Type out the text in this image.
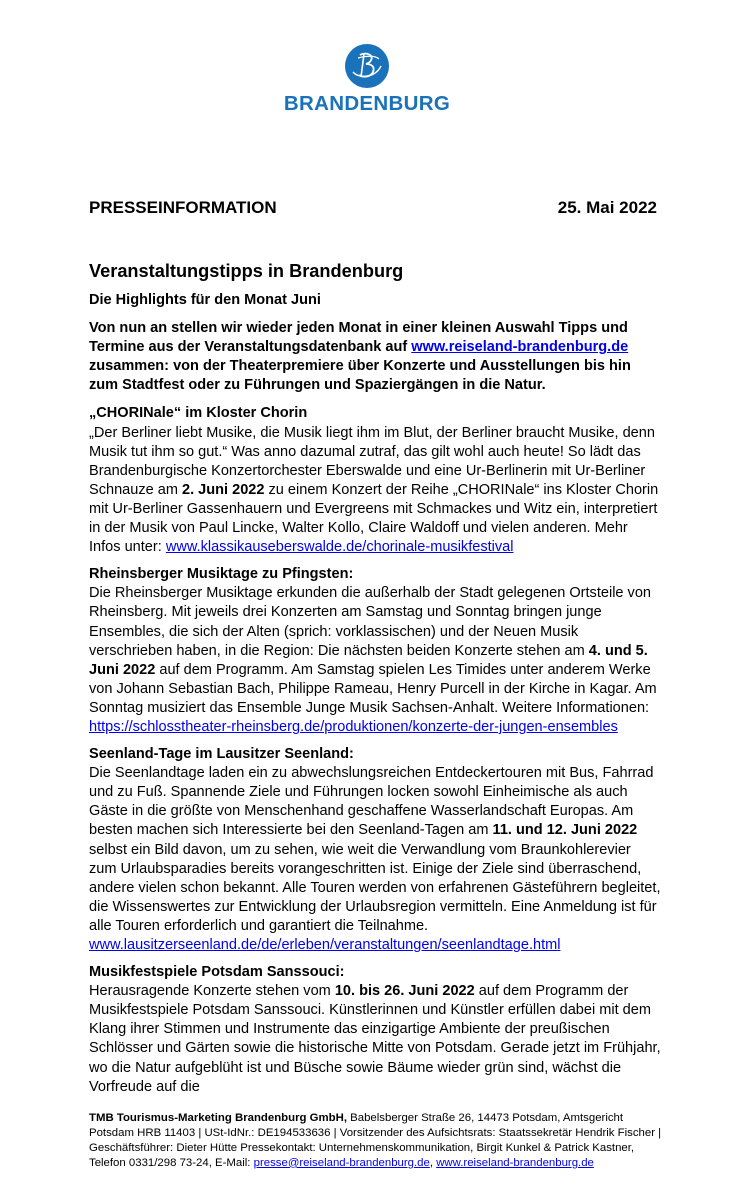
BRANDENBURG
PRESSEINFORMATION	25. Mai 2022
Veranstaltungstipps in Brandenburg
Die Highlights für den Monat Juni

Von nun an stellen wir wieder jeden Monat in einer kleinen Auswahl Tipps und Termine aus der Veranstaltungsdatenbank auf www.reiseland-brandenburg.de zusammen: von der Theaterpremiere über Konzerte und Ausstellungen bis hin zum Stadtfest oder zu Führungen und Spaziergängen in die Natur.

„CHORINale“ im Kloster Chorin

„Der Berliner liebt Musike, die Musik liegt ihm im Blut, der Berliner braucht Musike, denn Musik tut ihm so gut.“ Was anno dazumal zutraf, das gilt wohl auch heute! So lädt das Brandenburgische Konzertorchester Eberswalde und eine Ur-Berlinerin mit Ur-Berliner Schnauze am 2. Juni 2022 zu einem Konzert der Reihe „CHORINale“ ins Kloster Chorin mit Ur-Berliner Gassenhauern und Evergreens mit Schmackes und Witz ein, interpretiert in der Musik von Paul Lincke, Walter Kollo, Claire Waldoff und vielen anderen. Mehr Infos unter: www.klassikauseberswalde.de/chorinale-musikfestival

Rheinsberger Musiktage zu Pfingsten:

Die Rheinsberger Musiktage erkunden die außerhalb der Stadt gelegenen Ortsteile von Rheinsberg. Mit jeweils drei Konzerten am Samstag und Sonntag bringen junge Ensembles, die sich der Alten (sprich: vorklassischen) und der Neuen Musik verschrieben haben, in die Region: Die nächsten beiden Konzerte stehen am 4. und 5. Juni 2022 auf dem Programm. Am Samstag spielen Les Timides unter anderem Werke von Johann Sebastian Bach, Philippe Rameau, Henry Purcell in der Kirche in Kagar. Am Sonntag musiziert das Ensemble Junge Musik Sachsen-Anhalt. Weitere Informationen: https://schlosstheater-rheinsberg.de/produktionen/konzerte-der-jungen-ensembles

Seenland-Tage im Lausitzer Seenland:

Die Seenlandtage laden ein zu abwechslungsreichen Entdeckertouren mit Bus, Fahrrad und zu Fuß. Spannende Ziele und Führungen locken sowohl Einheimische als auch Gäste in die größte von Menschenhand geschaffene Wasserlandschaft Europas. Am besten machen sich Interessierte bei den Seenland-Tagen am 11. und 12. Juni 2022 selbst ein Bild davon, um zu sehen, wie weit die Verwandlung vom Braunkohlerevier zum Urlaubsparadies bereits vorangeschritten ist. Einige der Ziele sind überraschend, andere vielen schon bekannt. Alle Touren werden von erfahrenen Gästeführern begleitet, die Wissenswertes zur Entwicklung der Urlaubsregion vermitteln. Eine Anmeldung ist für alle Touren erforderlich und garantiert die Teilnahme. www.lausitzerseenland.de/de/erleben/veranstaltungen/seenlandtage.html

Musikfestspiele Potsdam Sanssouci:

Herausragende Konzerte stehen vom 10. bis 26. Juni 2022 auf dem Programm der Musikfestspiele Potsdam Sanssouci. Künstlerinnen und Künstler erfüllen dabei mit dem Klang ihrer Stimmen und Instrumente das einzigartige Ambiente der preußischen Schlösser und Gärten sowie die historische Mitte von Potsdam. Gerade jetzt im Frühjahr, wo die Natur aufgeblüht ist und Büsche sowie Bäume wieder grün sind, wächst die Vorfreude auf die

TMB Tourismus-Marketing Brandenburg GmbH, Babelsberger Straße 26, 14473 Potsdam, Amtsgericht Potsdam HRB 11403 | USt-IdNr.: DE194533636 | Vorsitzender des Aufsichtsrats: Staatssekretär Hendrik Fischer | Geschäftsführer: Dieter Hütte Pressekontakt: Unternehmenskommunikation, Birgit Kunkel & Patrick Kastner, Telefon 0331/298 73-24, E-Mail: presse@reiseland-brandenburg.de, www.reiseland-brandenburg.de
